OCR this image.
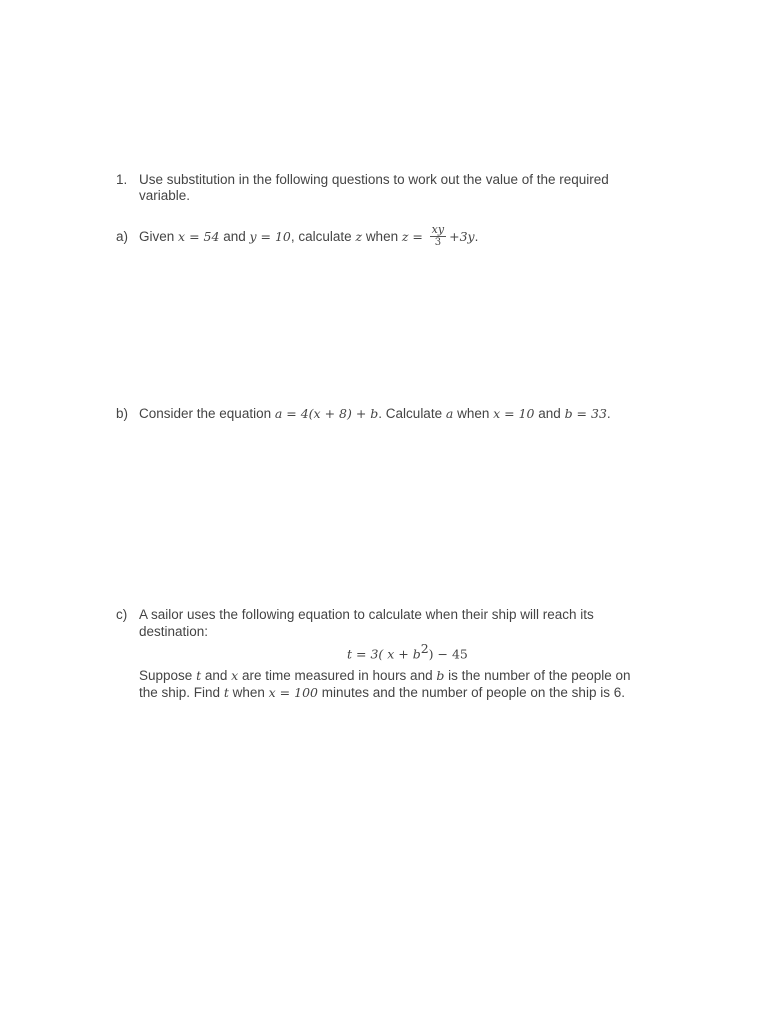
1. Use substitution in the following questions to work out the value of the required
variable.
a) Given x = 54 and y = 10, calculate z when $z = \frac{xy}{3} +3y$.
b) Consider the equation a = 4(x + 8) + b. Calculate a when x = 10 and b = 33.
c) A sailor uses the following equation to calculate when their ship will reach its
destination:
t = 3( $x + b^2) - 45$
Suppose t and x are time measured in hours and b is the number of the people on
the ship. Find t when x = 100 minutes and the number of people on the ship is 6.
